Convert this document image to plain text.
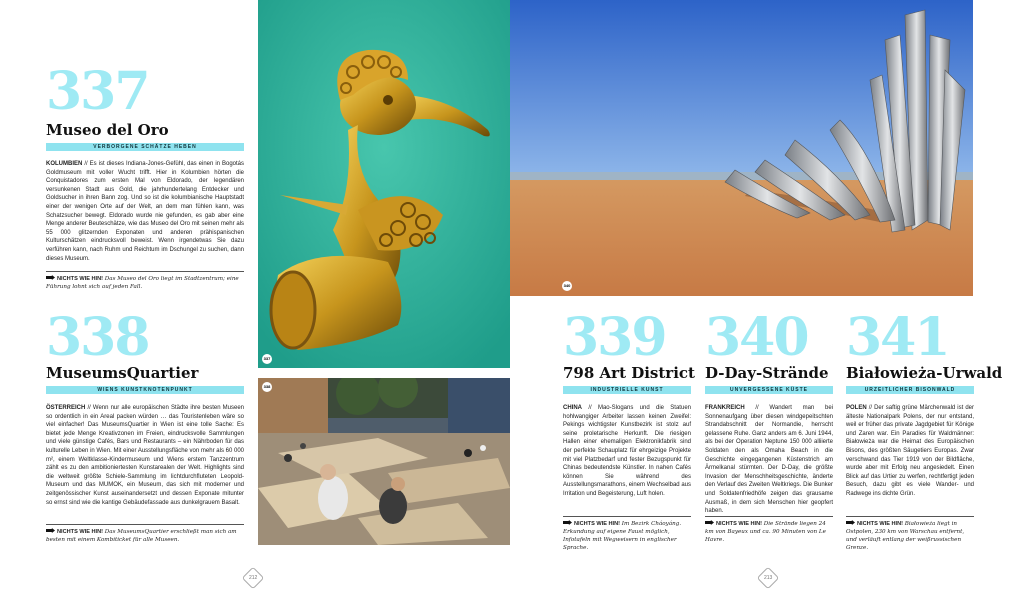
337
Museo del Oro
VERBORGENE SCHÄTZE HEBEN
KOLUMBIEN // Es ist dieses Indiana-Jones-Gefühl, das einen in Bogotás Goldmuseum mit voller Wucht trifft. Hier in Kolumbien hörten die Conquistadores zum ersten Mal von Eldorado, der legendären versunkenen Stadt aus Gold, die jahrhundertelang Entdecker und Goldsucher in ihren Bann zog. Und so ist die kolumbianische Hauptstadt einer der wenigen Orte auf der Welt, an dem man fühlen kann, was Schatzsucher bewegt. Eldorado wurde nie gefunden, es gab aber eine Menge anderer Beuteschätze, wie das Museo del Oro mit seinen mehr als 55 000 glitzernden Exponaten und anderen prähispanischen Kulturschätzen eindrucksvoll beweist. Wenn irgendetwas Sie dazu verführen kann, nach Ruhm und Reichtum im Dschungel zu suchen, dann dieses Museum.
NICHTS WIE HIN! Das Museo del Oro liegt im Stadtzentrum; eine Führung lohnt sich auf jeden Fall.
338
MuseumsQuartier
WIENS KUNSTKNOTENPUNKT
ÖSTERREICH // Wenn nur alle europäischen Städte ihre besten Museen so ordentlich in ein Areal packen würden … das Touristenleben wäre so viel einfacher! Das MuseumsQuartier in Wien ist eine tolle Sache: Es bietet jede Menge Kreativzonen im Freien, eindrucksvolle Sammlungen und viele günstige Cafés, Bars und Restaurants – ein Nährboden für das kulturelle Leben in Wien. Mit einer Ausstellungsfläche von mehr als 60 000 m², einem Weltklasse-Kindermuseum und Wiens erstem Tanzzentrum zählt es zu den ambitioniertesten Kunstarealen der Welt. Highlights sind die weltweit größte Schiele-Sammlung im lichtdurchfluteten Leopold-Museum und das MUMOK, ein Museum, das sich mit moderner und zeitgenössischer Kunst auseinandersetzt und dessen Exponate mitunter so ernst sind wie die kantige Gebäudefassade aus dunkelgrauem Basalt.
NICHTS WIE HIN! Das MuseumsQuartier erschließt man sich am besten mit einem Kombiticket für alle Museen.
337
338
212
340
339
798 Art District
INDUSTRIELLE KUNST
CHINA // Mao-Slogans und die Statuen hohlwangiger Arbeiter lassen keinen Zweifel: Pekings wichtigster Kunstbezirk ist stolz auf seine proletarische Herkunft. Die riesigen Hallen einer ehemaligen Elektronikfabrik sind der perfekte Schauplatz für ehrgeizige Projekte mit viel Platzbedarf und fester Bezugspunkt für Chinas bedeutendste Künstler. In nahen Cafés können Sie während des Ausstellungsmarathons, einem Wechselbad aus Irritation und Begeisterung, Luft holen.
NICHTS WIE HIN! Im Bezirk Cháoyáng. Erkundung auf eigene Faust möglich, Infotafeln mit Wegweisern in englischer Sprache.
340
D-Day-Strände
UNVERGESSENE KÜSTE
FRANKREICH // Wandert man bei Sonnenaufgang über diesen windgepeitschten Strandabschnitt der Normandie, herrscht gelassene Ruhe. Ganz anders am 6. Juni 1944, als bei der Operation Neptune 150 000 alliierte Soldaten den als Omaha Beach in die Geschichte eingegangenen Küstenstrich am Ärmelkanal stürmten. Der D-Day, die größte Invasion der Menschheitsgeschichte, änderte den Verlauf des Zweiten Weltkriegs. Die Bunker und Soldatenfriedhöfe zeigen das grausame Ausmaß, in dem sich Menschen hier geopfert haben.
NICHTS WIE HIN! Die Strände liegen 24 km von Bayeux und ca. 90 Minuten von Le Havre.
341
Białowieża-Urwald
URZEITLICHER BISONWALD
POLEN // Der saftig grüne Märchenwald ist der älteste Nationalpark Polens, der nur entstand, weil er früher das private Jagdgebiet für Könige und Zaren war. Ein Paradies für Waldmänner: Białowieża war die Heimat des Europäischen Bisons, des größten Säugetiers Europas. Zwar verschwand das Tier 1919 von der Bildfläche, wurde aber mit Erfolg neu angesiedelt. Einen Blick auf das Urtier zu werfen, rechtfertigt jeden Besuch, dazu gibt es viele Wander- und Radwege ins dichte Grün.
NICHTS WIE HIN! Białowieża liegt in Ostpolen, 230 km von Warschau entfernt, und verläuft entlang der weißrussischen Grenze.
213
